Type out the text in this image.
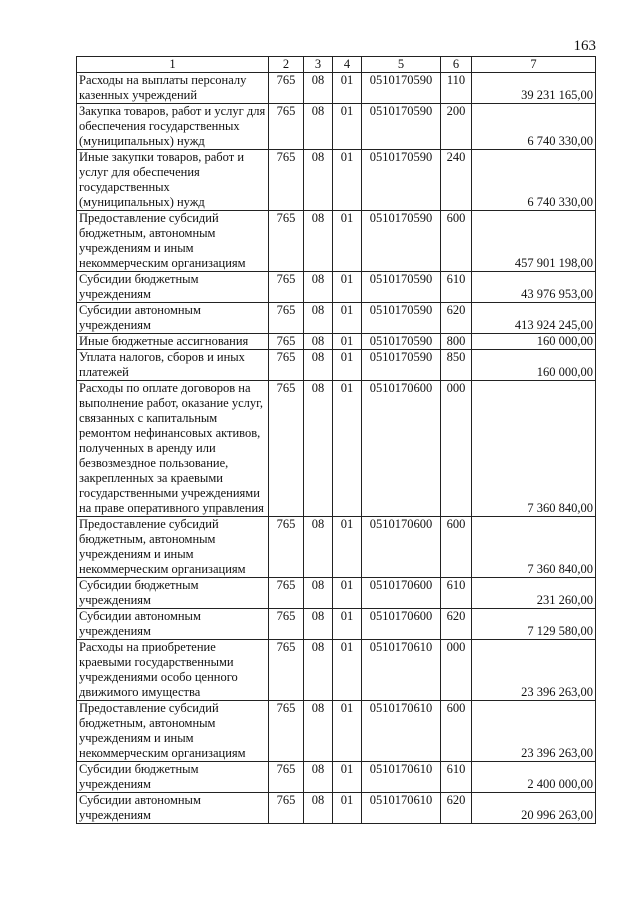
163
1	2	3	4	5	6	7
Расходы на выплаты персоналу казенных учреждений	765	08	01	0510170590	110	39 231 165,00
Закупка товаров, работ и услуг для обеспечения государственных (муниципальных) нужд	765	08	01	0510170590	200	6 740 330,00
Иные закупки товаров, работ и услуг для обеспечения государственных (муниципальных) нужд	765	08	01	0510170590	240	6 740 330,00
Предоставление субсидий бюджетным, автономным учреждениям и иным некоммерческим организациям	765	08	01	0510170590	600	457 901 198,00
Субсидии бюджетным учреждениям	765	08	01	0510170590	610	43 976 953,00
Субсидии автономным учреждениям	765	08	01	0510170590	620	413 924 245,00
Иные бюджетные ассигнования	765	08	01	0510170590	800	160 000,00
Уплата налогов, сборов и иных платежей	765	08	01	0510170590	850	160 000,00
Расходы по оплате договоров на выполнение работ, оказание услуг, связанных с капитальным ремонтом нефинансовых активов, полученных в аренду или безвозмездное пользование, закрепленных за краевыми государственными учреждениями на праве оперативного управления	765	08	01	0510170600	000	7 360 840,00
Предоставление субсидий бюджетным, автономным учреждениям и иным некоммерческим организациям	765	08	01	0510170600	600	7 360 840,00
Субсидии бюджетным учреждениям	765	08	01	0510170600	610	231 260,00
Субсидии автономным учреждениям	765	08	01	0510170600	620	7 129 580,00
Расходы на приобретение краевыми государственными учреждениями особо ценного движимого имущества	765	08	01	0510170610	000	23 396 263,00
Предоставление субсидий бюджетным, автономным учреждениям и иным некоммерческим организациям	765	08	01	0510170610	600	23 396 263,00
Субсидии бюджетным учреждениям	765	08	01	0510170610	610	2 400 000,00
Субсидии автономным учреждениям	765	08	01	0510170610	620	20 996 263,00
